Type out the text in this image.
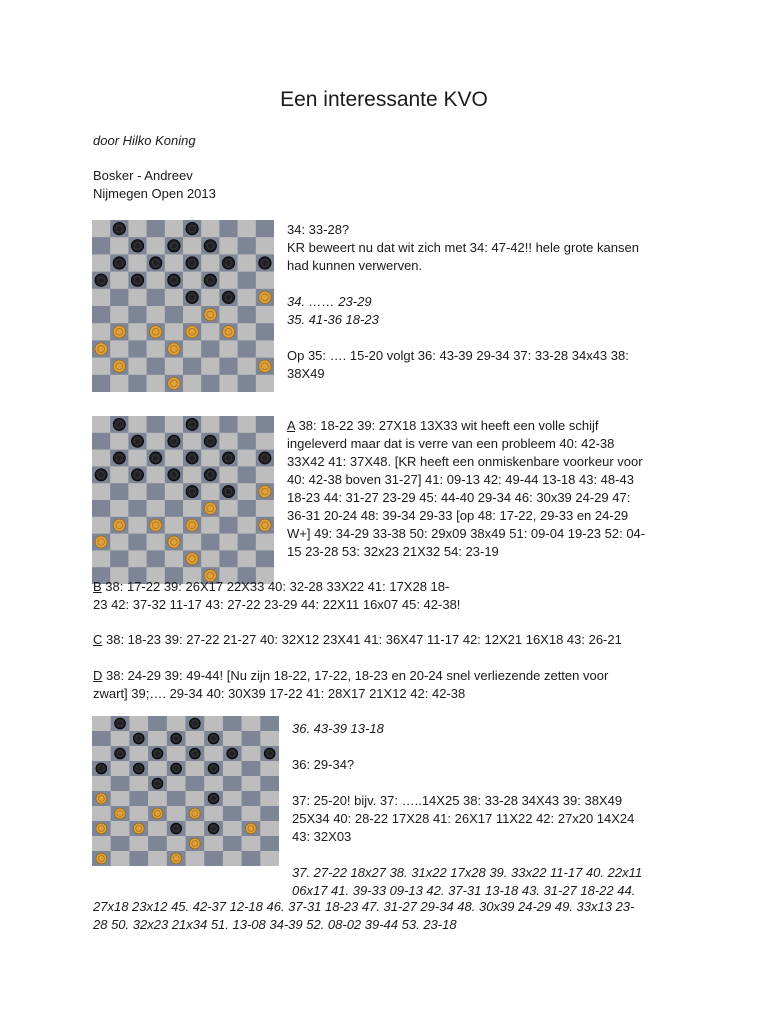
Een interessante KVO
door Hilko Koning
Bosker - Andreev
Nijmegen Open 2013
34: 33-28?
KR beweert nu dat wit zich met 34: 47-42!! hele grote kansen
had kunnen verwerven.
34. …… 23-29
35. 41-36 18-23
Op 35: …. 15-20 volgt 36: 43-39 29-34 37: 33-28 34x43 38:
38X49
A 38: 18-22 39: 27X18 13X33 wit heeft een volle schijf
ingeleverd maar dat is verre van een probleem 40: 42-38
33X42 41: 37X48. [KR heeft een onmiskenbare voorkeur voor
40: 42-38 boven 31-27] 41: 09-13 42: 49-44 13-18 43: 48-43
18-23 44: 31-27 23-29 45: 44-40 29-34 46: 30x39 24-29 47:
36-31 20-24 48: 39-34 29-33 [op 48: 17-22, 29-33 en 24-29
W+] 49: 34-29 33-38 50: 29x09 38x49 51: 09-04 19-23 52: 04-
15 23-28 53: 32x23 21X32 54: 23-19
B 38: 17-22 39: 26X17 22X33 40: 32-28 33X22 41: 17X28 18-
23 42: 37-32 11-17 43: 27-22 23-29 44: 22X11 16x07 45: 42-38!
C 38: 18-23 39: 27-22 21-27 40: 32X12 23X41 41: 36X47 11-17 42: 12X21 16X18 43: 26-21
D 38: 24-29 39: 49-44! [Nu zijn 18-22, 17-22, 18-23 en 20-24 snel verliezende zetten voor
zwart] 39;…. 29-34 40: 30X39 17-22 41: 28X17 21X12 42: 42-38
36. 43-39 13-18
36: 29-34?
37: 25-20! bijv. 37: …..14X25 38: 33-28 34X43 39: 38X49
25X34 40: 28-22 17X28 41: 26X17 11X22 42: 27x20 14X24
43: 32X03
37. 27-22 18x27 38. 31x22 17x28 39. 33x22 11-17 40. 22x11
06x17 41. 39-33 09-13 42. 37-31 13-18 43. 31-27 18-22 44.
27x18 23x12 45. 42-37 12-18 46. 37-31 18-23 47. 31-27 29-34 48. 30x39 24-29 49. 33x13 23-
28 50. 32x23 21x34 51. 13-08 34-39 52. 08-02 39-44 53. 23-18
